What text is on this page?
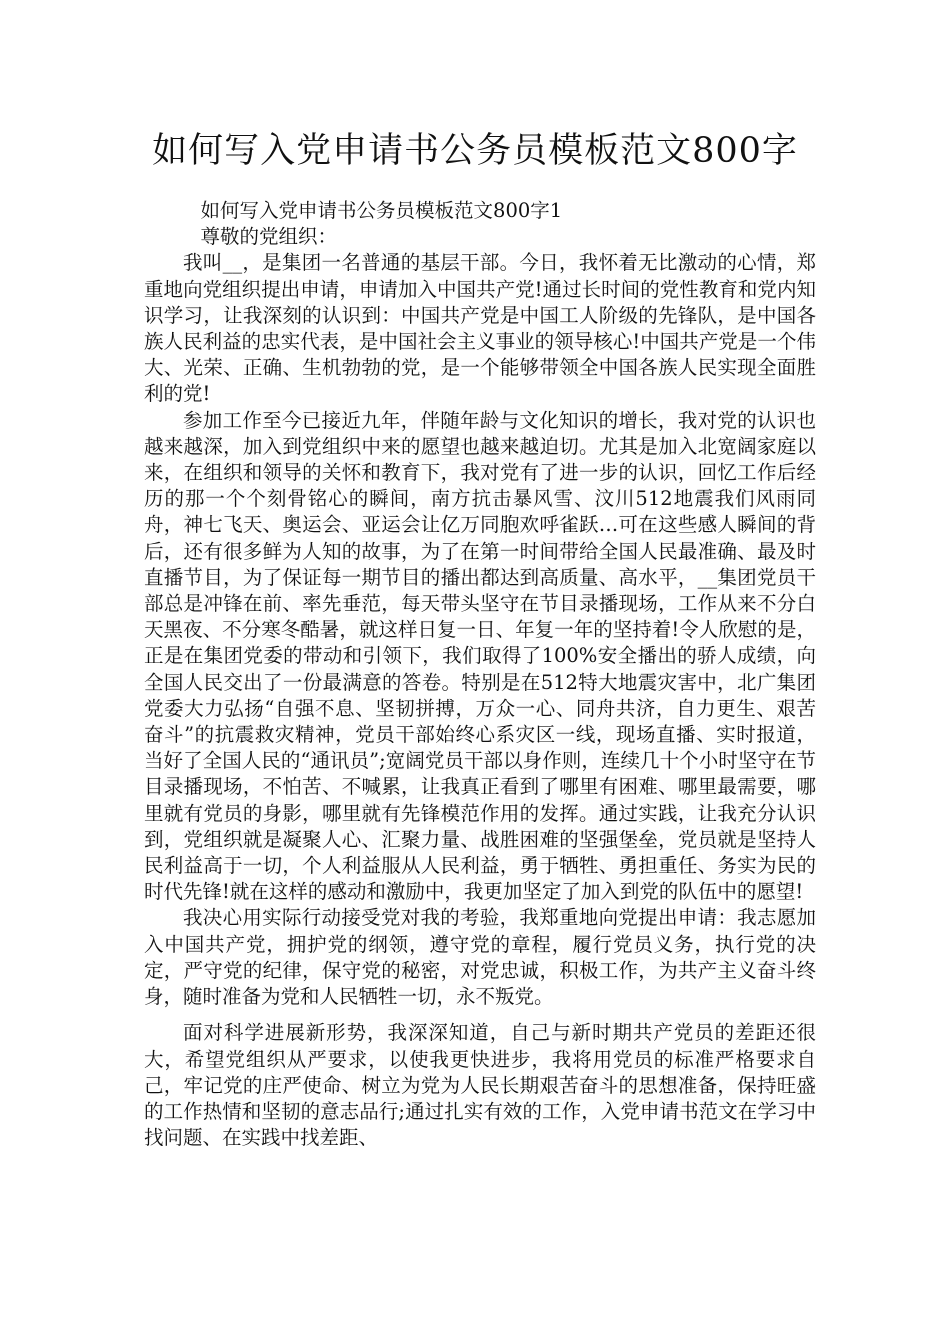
如何写入党申请书公务员模板范文800字

如何写入党申请书公务员模板范文800字1

尊敬的党组织：

我叫__，是集团一名普通的基层干部。今日，我怀着无比激动的心情，郑重地向党组织提出申请，申请加入中国共产党!通过长时间的党性教育和党内知识学习，让我深刻的认识到：中国共产党是中国工人阶级的先锋队，是中国各族人民利益的忠实代表，是中国社会主义事业的领导核心!中国共产党是一个伟大、光荣、正确、生机勃勃的党，是一个能够带领全中国各族人民实现全面胜利的党!

参加工作至今已接近九年，伴随年龄与文化知识的增长，我对党的认识也越来越深，加入到党组织中来的愿望也越来越迫切。尤其是加入北宽阔家庭以来，在组织和领导的关怀和教育下，我对党有了进一步的认识，回忆工作后经历的那一个个刻骨铭心的瞬间，南方抗击暴风雪、汶川512地震我们风雨同舟，神七飞天、奥运会、亚运会让亿万同胞欢呼雀跃…可在这些感人瞬间的背后，还有很多鲜为人知的故事，为了在第一时间带给全国人民最准确、最及时直播节目，为了保证每一期节目的播出都达到高质量、高水平，__集团党员干部总是冲锋在前、率先垂范，每天带头坚守在节目录播现场，工作从来不分白天黑夜、不分寒冬酷暑，就这样日复一日、年复一年的坚持着!令人欣慰的是，正是在集团党委的带动和引领下，我们取得了100%安全播出的骄人成绩，向全国人民交出了一份最满意的答卷。特别是在512特大地震灾害中，北广集团党委大力弘扬“自强不息、坚韧拼搏，万众一心、同舟共济，自力更生、艰苦奋斗”的抗震救灾精神，党员干部始终心系灾区一线，现场直播、实时报道，当好了全国人民的“通讯员”;宽阔党员干部以身作则，连续几十个小时坚守在节目录播现场，不怕苦、不喊累，让我真正看到了哪里有困难、哪里最需要，哪里就有党员的身影，哪里就有先锋模范作用的发挥。通过实践，让我充分认识到，党组织就是凝聚人心、汇聚力量、战胜困难的坚强堡垒，党员就是坚持人民利益高于一切，个人利益服从人民利益，勇于牺牲、勇担重任、务实为民的时代先锋!就在这样的感动和激励中，我更加坚定了加入到党的队伍中的愿望!

我决心用实际行动接受党对我的考验，我郑重地向党提出申请：我志愿加入中国共产党，拥护党的纲领，遵守党的章程，履行党员义务，执行党的决定，严守党的纪律，保守党的秘密，对党忠诚，积极工作，为共产主义奋斗终身，随时准备为党和人民牺牲一切，永不叛党。

面对科学进展新形势，我深深知道，自己与新时期共产党员的差距还很大，希望党组织从严要求，以使我更快进步，我将用党员的标准严格要求自己，牢记党的庄严使命、树立为党为人民长期艰苦奋斗的思想准备，保持旺盛的工作热情和坚韧的意志品行;通过扎实有效的工作，入党申请书范文在学习中找问题、在实践中找差距、
